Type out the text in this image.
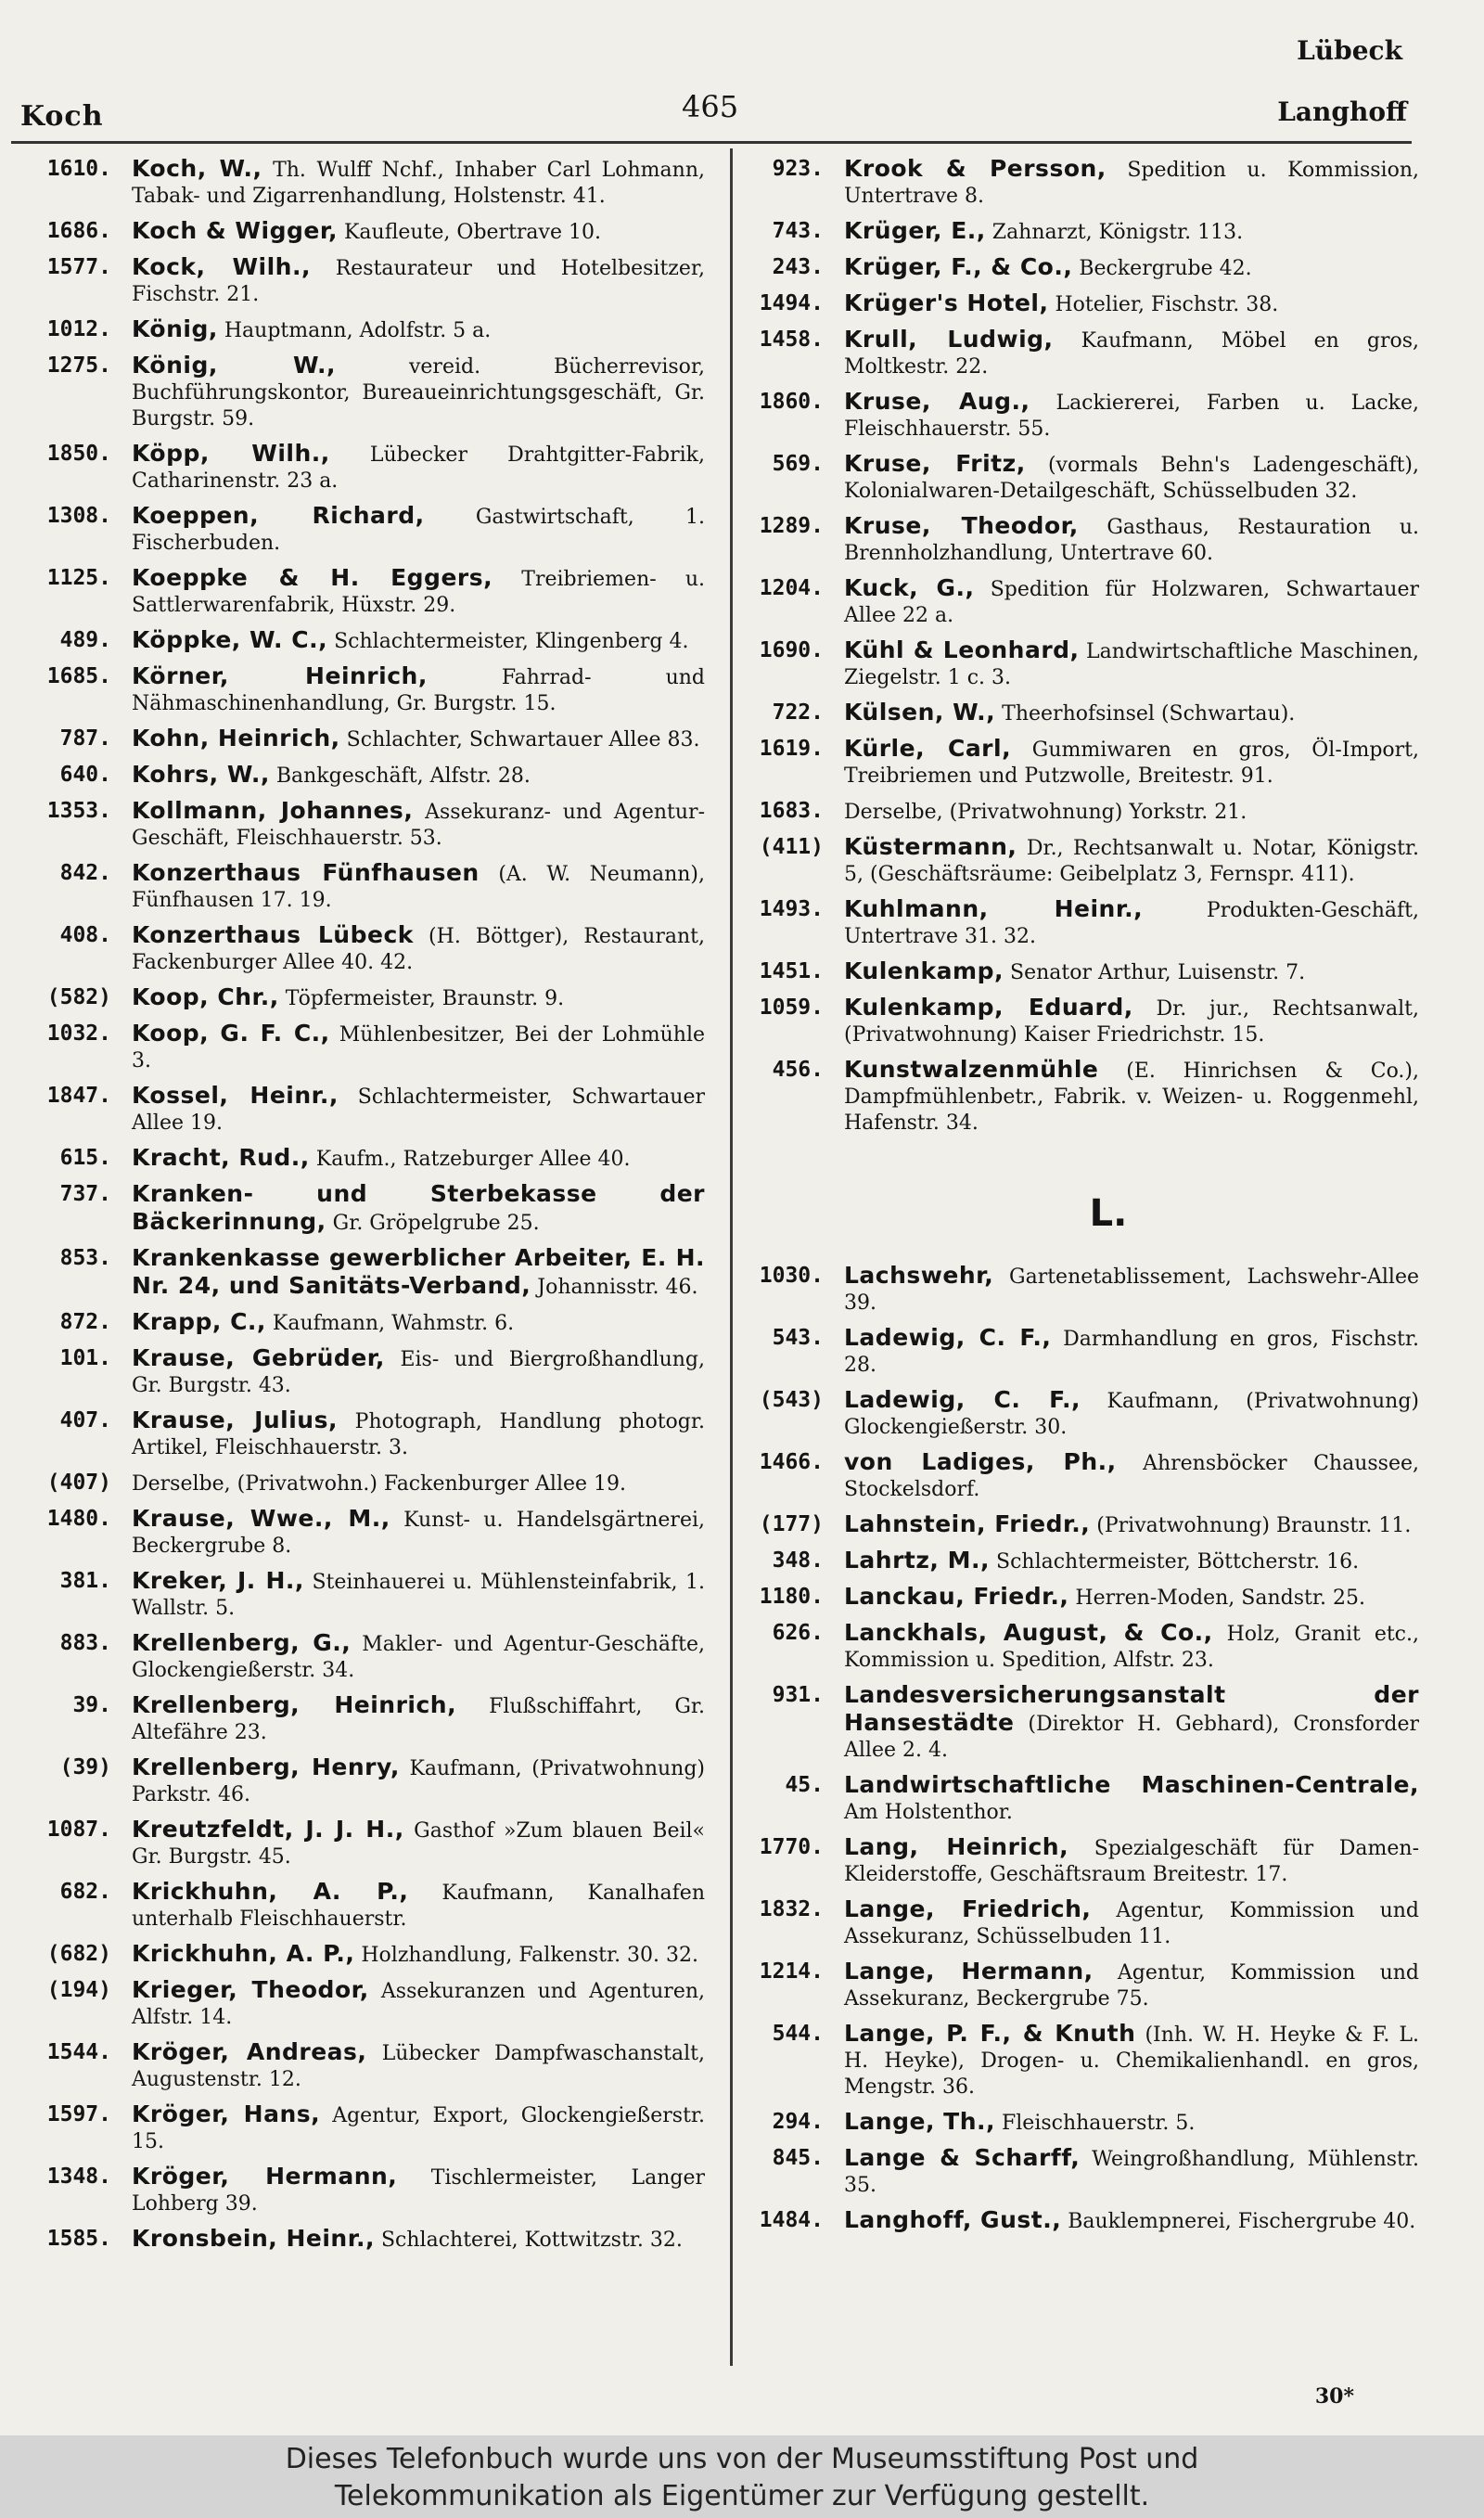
Koch	465
Lübeck
Langhoff
1610. Koch, W., Th. Wulff Nchf., Inhaber Carl Lohmann, Tabak- und Zigarrenhandlung, Holstenstr. 41.
1686. Koch & Wigger, Kaufleute, Obertrave 10.
1577. Kock, Wilh., Restaurateur und Hotelbesitzer, Fischstr. 21.
1012. König, Hauptmann, Adolfstr. 5 a.
1275. König, W.,	vereid. Bücherrevisor, Buchführungskontor, Bureaueinrichtungsgeschäft, Gr. Burgstr. 59.
1850. Köpp, Wilh., Lübecker Drahtgitter-Fabrik, Catharinenstr. 23 a.
1308. Koeppen, Richard,	Gastwirtschaft, 1. Fischerbuden.
1125. Koeppke & H. Eggers, Treibriemen- u. Sattlerwarenfabrik, Hüxstr. 29.
489. Köppke, W. C., Schlachtermeister, Klingenberg 4.
1685. Körner, Heinrich,	Fahrrad- und Nähmaschinenhandlung, Gr. Burgstr. 15.
787. Kohn, Heinrich, Schlachter, Schwartauer Allee 83.
640. Kohrs, W., Bankgeschäft, Alfstr. 28.
1353. Kollmann, Johannes, Assekuranz- und Agentur-Geschäft, Fleischhauerstr. 53.
842. Konzerthaus Fünfhausen (A. W. Neumann), Fünfhausen 17. 19.
408. Konzerthaus Lübeck (H. Böttger), Restaurant, Fackenburger Allee 40. 42.
(582) Koop, Chr., Töpfermeister, Braunstr. 9.
1032. Koop, G. F. C., Mühlenbesitzer, Bei der Lohmühle 3.
1847. Kossel, Heinr., Schlachtermeister, Schwartauer Allee 19.
615. Kracht, Rud., Kaufm., Ratzeburger Allee 40.
737. Kranken- und Sterbekasse der Bäckerinnung, Gr. Gröpelgrube 25.
853. Krankenkasse gewerblicher Arbeiter, E. H. Nr. 24, und Sanitäts-Verband, Johannisstr. 46.
872. Krapp, C., Kaufmann, Wahmstr. 6.
101. Krause, Gebrüder, Eis- und Biergroßhandlung, Gr. Burgstr. 43.
407. Krause, Julius, Photograph, Handlung photogr. Artikel, Fleischhauerstr. 3.
(407)	Derselbe, (Privatwohn.) Fackenburger Allee 19.
1480. Krause, Wwe., M., Kunst- u. Handelsgärtnerei, Beckergrube 8.
381. Kreker, J. H., Steinhauerei u. Mühlensteinfabrik, 1. Wallstr. 5.
883. Krellenberg, G., Makler- und Agentur-Geschäfte, Glockengießerstr. 34.
39. Krellenberg, Heinrich, Flußschiffahrt, Gr. Altefähre 23.
(39) Krellenberg, Henry, Kaufmann, (Privatwohnung) Parkstr. 46.
1087. Kreutzfeldt, J. J. H., Gasthof »Zum blauen Beil« Gr. Burgstr. 45.
682. Krickhuhn, A. P., Kaufmann, Kanalhafen unterhalb Fleischhauerstr.
(682) Krickhuhn, A. P., Holzhandlung, Falkenstr. 30. 32.
(194) Krieger, Theodor, Assekuranzen und Agenturen, Alfstr. 14.
1544. Kröger, Andreas, Lübecker Dampfwaschanstalt, Augustenstr. 12.
1597. Kröger, Hans, Agentur, Export, Glockengießerstr. 15.
1348. Kröger, Hermann, Tischlermeister, Langer Lohberg 39.
1585. Kronsbein, Heinr., Schlachterei, Kottwitzstr. 32.
923. Krook & Persson, Spedition u. Kommission, Untertrave 8.
743. Krüger, E., Zahnarzt, Königstr. 113.
243. Krüger, F., & Co., Beckergrube 42.
1494. Krüger's Hotel, Hotelier, Fischstr. 38.
1458. Krull, Ludwig, Kaufmann, Möbel en gros, Moltkestr. 22.
1860. Kruse, Aug., Lackiererei, Farben u. Lacke, Fleischhauerstr. 55.
569. Kruse, Fritz, (vormals Behn's Ladengeschäft), Kolonialwaren-Detailgeschäft, Schüsselbuden 32.
1289. Kruse, Theodor, Gasthaus, Restauration u. Brennholzhandlung, Untertrave 60.
1204. Kuck, G., Spedition für Holzwaren, Schwartauer Allee 22 a.
1690. Kühl & Leonhard, Landwirtschaftliche Maschinen, Ziegelstr. 1 c. 3.
722. Külsen, W., Theerhofsinsel (Schwartau).
1619. Kürle, Carl, Gummiwaren en gros, Öl-Import, Treibriemen und Putzwolle, Breitestr. 91.
1683.	Derselbe, (Privatwohnung) Yorkstr. 21.
(411) Küstermann, Dr., Rechtsanwalt u. Notar, Königstr. 5, (Geschäftsräume: Geibelplatz 3, Fernspr. 411).
1493. Kuhlmann, Heinr.,	Produkten-Geschäft, Untertrave 31. 32.
1451. Kulenkamp, Senator Arthur, Luisenstr. 7.
1059. Kulenkamp, Eduard, Dr. jur., Rechtsanwalt, (Privatwohnung) Kaiser Friedrichstr. 15.
456. Kunstwalzenmühle (E. Hinrichsen & Co.), Dampfmühlenbetr., Fabrik. v. Weizen- u. Roggenmehl, Hafenstr. 34.
L.
1030. Lachswehr, Gartenetablissement, Lachswehr-Allee 39.
543. Ladewig, C. F., Darmhandlung en gros, Fischstr. 28.
(543) Ladewig, C. F., Kaufmann, (Privatwohnung) Glockengießerstr. 30.
1466. von Ladiges, Ph., Ahrensböcker Chaussee, Stockelsdorf.
(177) Lahnstein, Friedr., (Privatwohnung) Braunstr. 11.
348. Lahrtz, M., Schlachtermeister, Böttcherstr. 16.
1180. Lanckau, Friedr., Herren-Moden, Sandstr. 25.
626. Lanckhals, August, & Co., Holz, Granit etc., Kommission u. Spedition, Alfstr. 23.
931. Landesversicherungsanstalt der Hansestädte (Direktor H. Gebhard), Cronsforder Allee 2. 4.
45. Landwirtschaftliche Maschinen-Centrale, Am Holstenthor.
1770. Lang, Heinrich, Spezialgeschäft für Damen-Kleiderstoffe, Geschäftsraum Breitestr. 17.
1832. Lange, Friedrich, Agentur, Kommission und Assekuranz, Schüsselbuden 11.
1214. Lange, Hermann, Agentur, Kommission und Assekuranz, Beckergrube 75.
544. Lange, P. F., & Knuth (Inh. W. H. Heyke & F. L. H. Heyke), Drogen- u. Chemikalienhandl. en gros, Mengstr. 36.
294. Lange, Th., Fleischhauerstr. 5.
845. Lange & Scharff, Weingroßhandlung, Mühlenstr. 35.
1484. Langhoff, Gust., Bauklempnerei, Fischergrube 40.
30*
Dieses Telefonbuch wurde uns von der Museumsstiftung Post und
Telekommunikation als Eigentümer zur Verfügung gestellt.
